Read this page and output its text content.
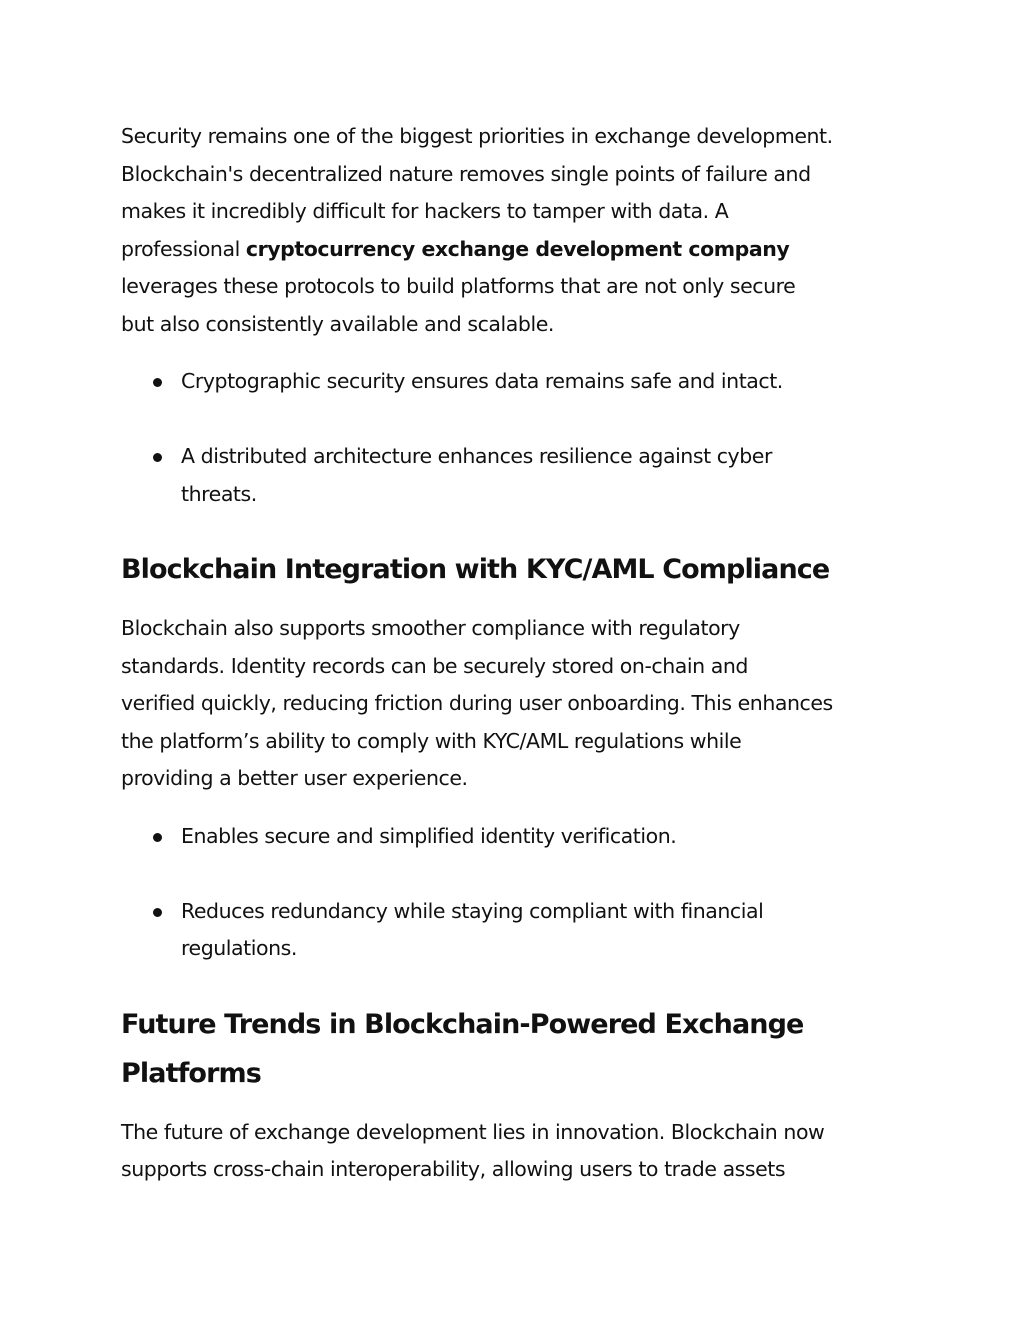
Security remains one of the biggest priorities in exchange development.
Blockchain's decentralized nature removes single points of failure and
makes it incredibly difficult for hackers to tamper with data. A
professional cryptocurrency exchange development company
leverages these protocols to build platforms that are not only secure
but also consistently available and scalable.

Cryptographic security ensures data remains safe and intact.
A distributed architecture enhances resilience against cyber
threats.
Blockchain Integration with KYC/AML Compliance

Blockchain also supports smoother compliance with regulatory
standards. Identity records can be securely stored on-chain and
verified quickly, reducing friction during user onboarding. This enhances
the platform’s ability to comply with KYC/AML regulations while
providing a better user experience.

Enables secure and simplified identity verification.
Reduces redundancy while staying compliant with financial
regulations.
Future Trends in Blockchain-Powered Exchange
Platforms

The future of exchange development lies in innovation. Blockchain now
supports cross-chain interoperability, allowing users to trade assets
